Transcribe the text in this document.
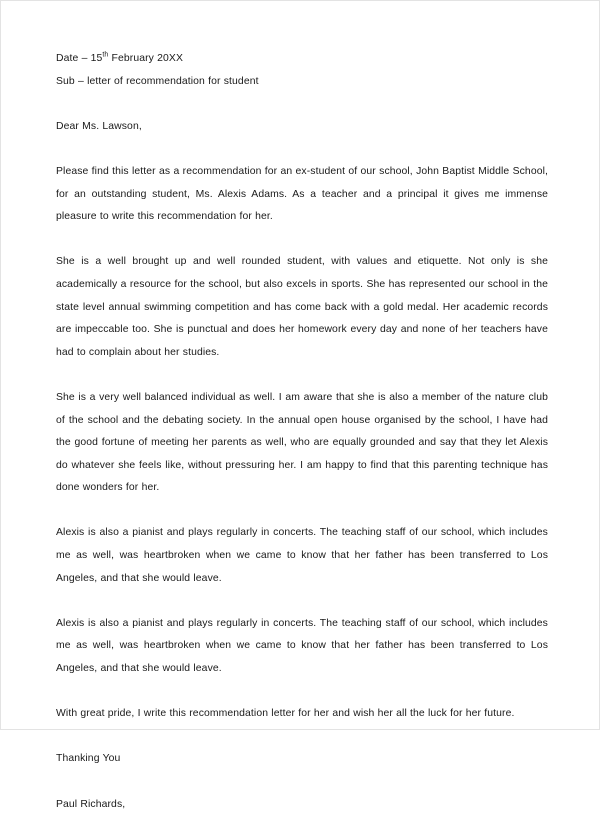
Date – 15th February 20XX
Sub – letter of recommendation for student
Dear Ms. Lawson,

Please find this letter as a recommendation for an ex-student of our school, John Baptist Middle School, for an outstanding student, Ms. Alexis Adams. As a teacher and a principal it gives me immense pleasure to write this recommendation for her.

She is a well brought up and well rounded student, with values and etiquette. Not only is she academically a resource for the school, but also excels in sports. She has represented our school in the state level annual swimming competition and has come back with a gold medal. Her academic records are impeccable too. She is punctual and does her homework every day and none of her teachers have had to complain about her studies.

She is a very well balanced individual as well. I am aware that she is also a member of the nature club of the school and the debating society. In the annual open house organised by the school, I have had the good fortune of meeting her parents as well, who are equally grounded and say that they let Alexis do whatever she feels like, without pressuring her. I am happy to find that this parenting technique has done wonders for her.

Alexis is also a pianist and plays regularly in concerts. The teaching staff of our school, which includes me as well, was heartbroken when we came to know that her father has been transferred to Los Angeles, and that she would leave.

Alexis is also a pianist and plays regularly in concerts. The teaching staff of our school, which includes me as well, was heartbroken when we came to know that her father has been transferred to Los Angeles, and that she would leave.

With great pride, I write this recommendation letter for her and wish her all the luck for her future.

Thanking You
Paul Richards,
